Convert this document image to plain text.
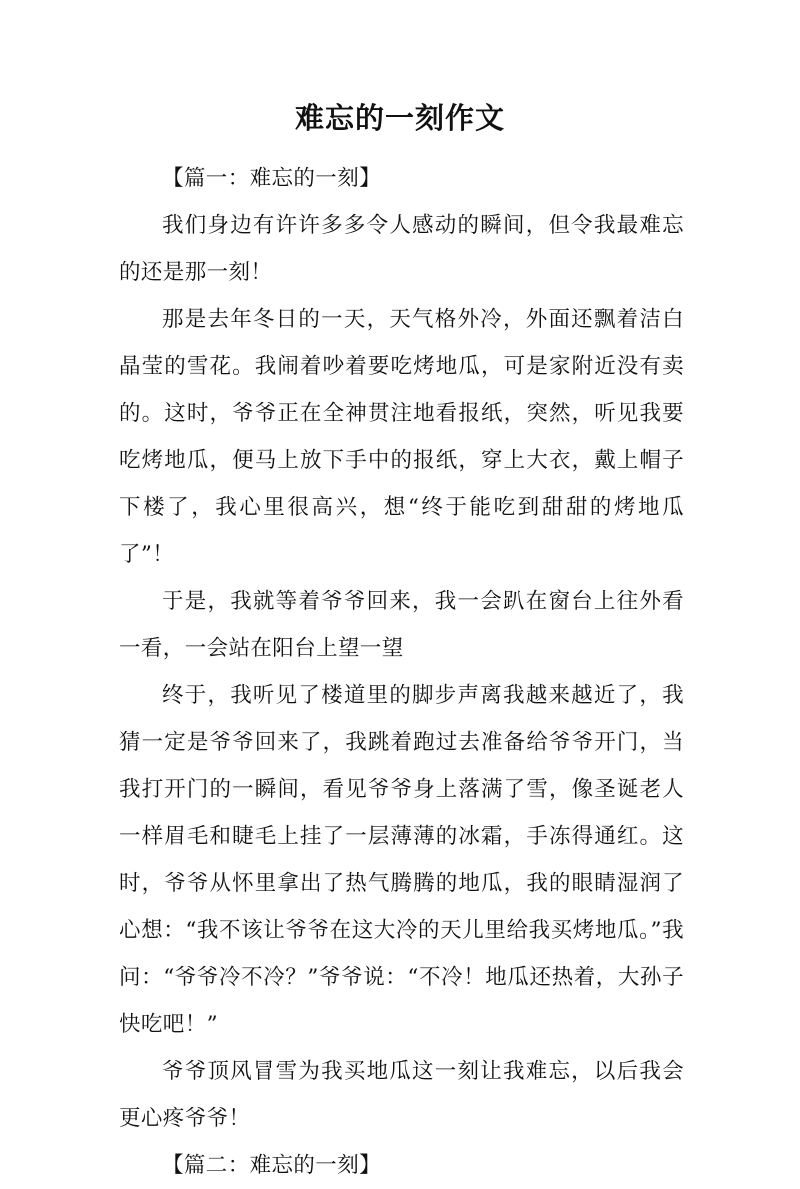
难忘的一刻作文

【篇一：难忘的一刻】

我们身边有许许多多令人感动的瞬间，但令我最难忘的还是那一刻！

那是去年冬日的一天，天气格外冷，外面还飘着洁白晶莹的雪花。我闹着吵着要吃烤地瓜，可是家附近没有卖的。这时，爷爷正在全神贯注地看报纸，突然，听见我要吃烤地瓜，便马上放下手中的报纸，穿上大衣，戴上帽子下楼了，我心里很高兴，想“终于能吃到甜甜的烤地瓜了”！

于是，我就等着爷爷回来，我一会趴在窗台上往外看一看，一会站在阳台上望一望

终于，我听见了楼道里的脚步声离我越来越近了，我猜一定是爷爷回来了，我跳着跑过去准备给爷爷开门，当我打开门的一瞬间，看见爷爷身上落满了雪，像圣诞老人一样眉毛和睫毛上挂了一层薄薄的冰霜，手冻得通红。这时，爷爷从怀里拿出了热气腾腾的地瓜，我的眼睛湿润了心想：“我不该让爷爷在这大冷的天儿里给我买烤地瓜。”我问：“爷爷冷不冷？”爷爷说：“不冷！地瓜还热着，大孙子快吃吧！”

爷爷顶风冒雪为我买地瓜这一刻让我难忘，以后我会更心疼爷爷！

【篇二：难忘的一刻】
